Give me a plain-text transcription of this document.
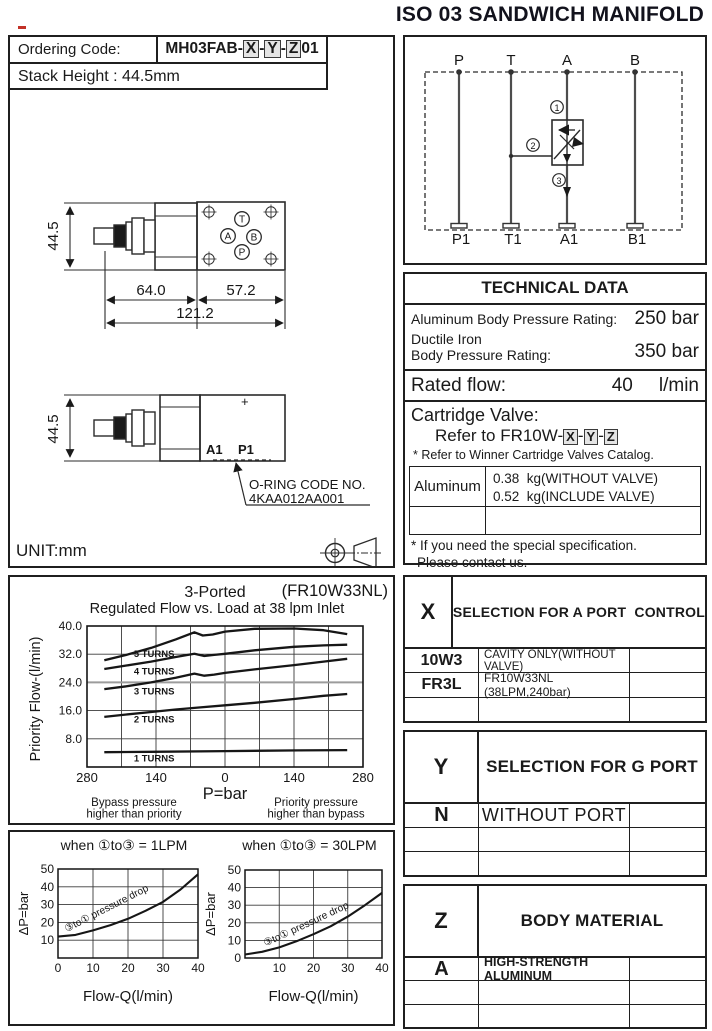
ISO 03 SANDWICH MANIFOLD
T
A B
P
44.5
64.0	57.2
121.2
+
A1 P1
O-RING CODE NO.
4KAA012AA001
44.5
Ordering Code:	MH03FAB- X - Y - Z 01
Stack Height : 44.5mm
UNIT:mm
P	T	A	B
P1 T1	A1	B1
1
2
3
TECHNICAL DATA
Aluminum Body Pressure Rating: 250 bar
Ductile Iron
Body Pressure Rating:	350 bar
Rated flow:	40 l/min
Cartridge Valve:
Refer to FR10W- X - Y - Z
* Refer to Winner Cartridge Valves Catalog.
Aluminum 0.38  kg(WITHOUT VALVE)
0.52  kg(INCLUDE VALVE)
* If you need the special specification.
Please contact us.
280	140	0	140	280
8.0
16.0
24.0
32.0
40.0
5 TURNS
4 TURNS
3 TURNS
2 TURNS
1 TURNS
3-Ported (FR10W33NL)
Regulated Flow vs. Load at 38 lpm Inlet
Priority Flow-(l/min)
P=bar
Bypass pressure
higher than priority
Priority pressure
higher than bypass
0 10 20 30 40
10
20
30
40
50
when ①to③ = 1LPM
ΔP=bar
Flow-Q(l/min)
③to① pressure drop
10 20 30 40
0
10
20
30
40
50
when ①to③ = 30LPM
ΔP=bar
Flow-Q(l/min)
③to① pressure drop
X	SELECTION FOR A PORT  CONTROL
10W3	CAVITY ONLY(WITHOUT VALVE)
FR3L	FR10W33NL (38LPM,240bar)
Y	SELECTION FOR G PORT
N	WITHOUT PORT
Z	BODY MATERIAL
A	HIGH-STRENGTH ALUMINUM
